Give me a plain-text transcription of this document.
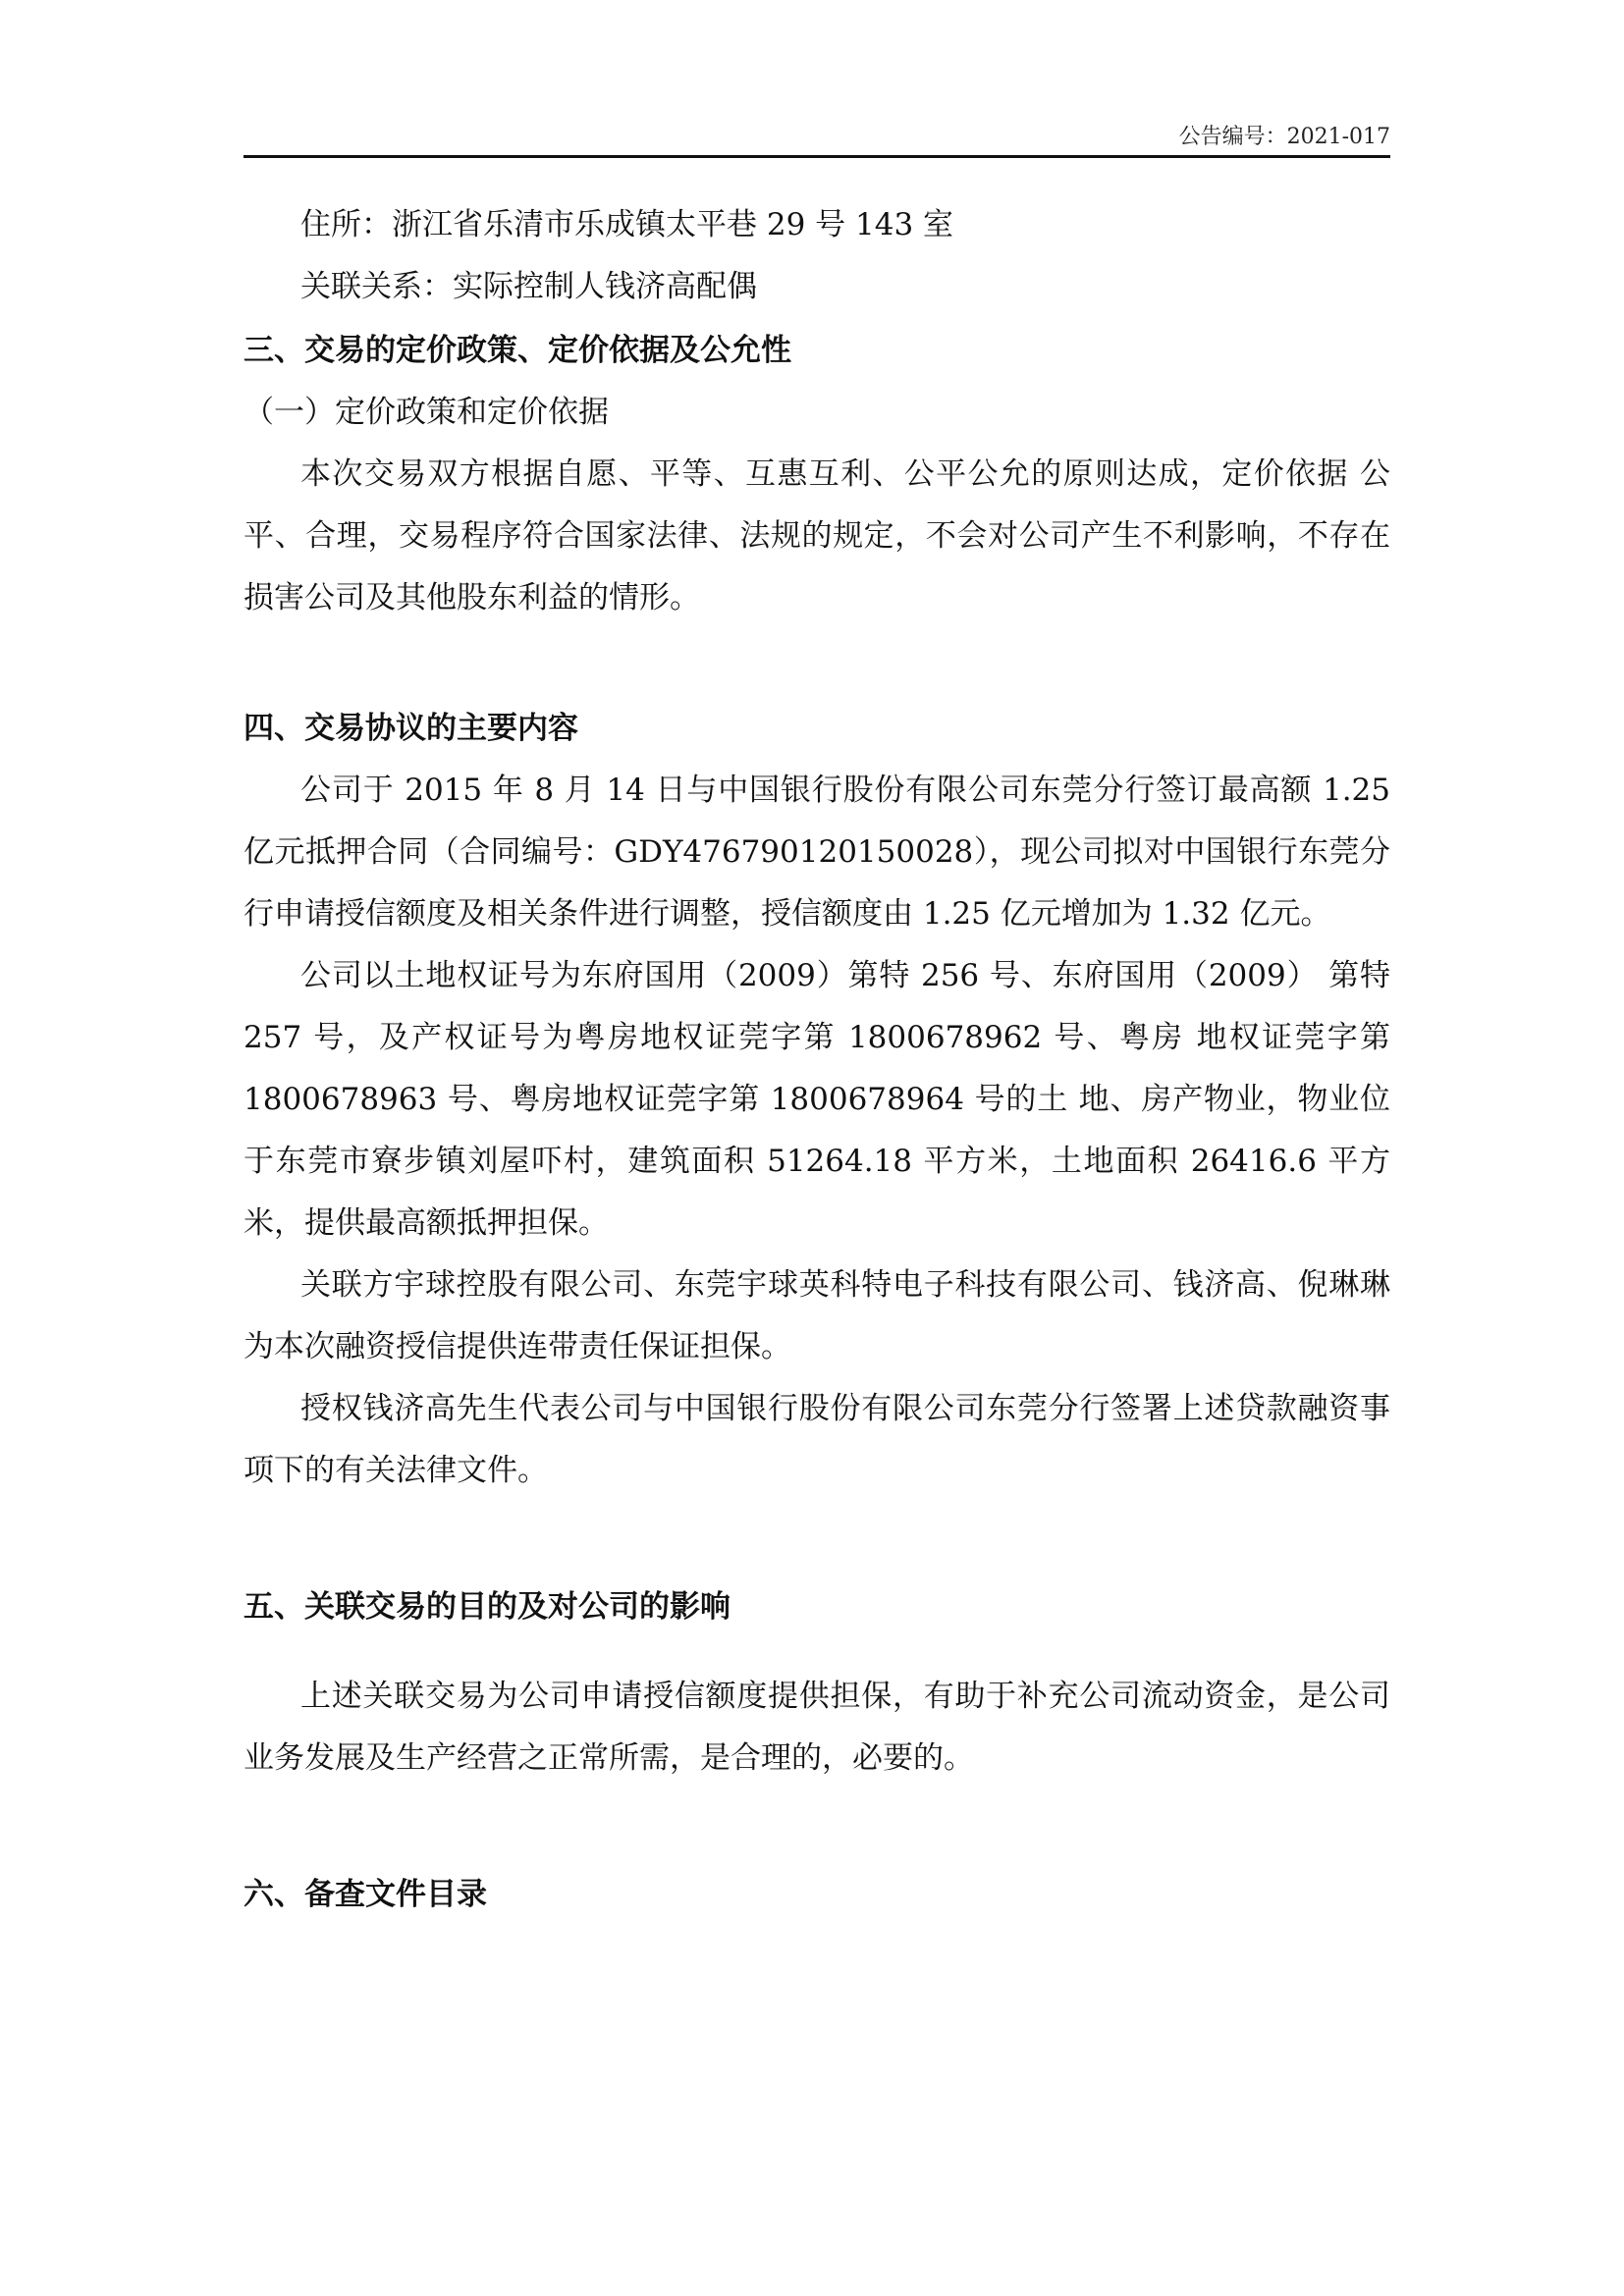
公告编号：2021-017

住所：浙江省乐清市乐成镇太平巷 29 号 143 室

关联关系：实际控制人钱济高配偶

三、交易的定价政策、定价依据及公允性

（一）定价政策和定价依据

本次交易双方根据自愿、平等、互惠互利、公平公允的原则达成，定价依据 公平、合理，交易程序符合国家法律、法规的规定，不会对公司产生不利影响，不存在损害公司及其他股东利益的情形。

四、交易协议的主要内容

公司于 2015 年 8 月 14 日与中国银行股份有限公司东莞分行签订最高额 1.25 亿元抵押合同（合同编号：GDY476790120150028），现公司拟对中国银行东莞分行申请授信额度及相关条件进行调整，授信额度由 1.25 亿元增加为 1.32 亿元。

公司以土地权证号为东府国用（2009）第特 256 号、东府国用（2009） 第特 257 号，及产权证号为粤房地权证莞字第 1800678962 号、粤房 地权证莞字第 1800678963 号、粤房地权证莞字第 1800678964 号的土 地、房产物业，物业位于东莞市寮步镇刘屋吓村，建筑面积 51264.18 平方米，土地面积 26416.6 平方米，提供最高额抵押担保。

关联方宇球控股有限公司、东莞宇球英科特电子科技有限公司、钱济高、倪琳琳为本次融资授信提供连带责任保证担保。

授权钱济高先生代表公司与中国银行股份有限公司东莞分行签署上述贷款融资事项下的有关法律文件。

五、关联交易的目的及对公司的影响

上述关联交易为公司申请授信额度提供担保，有助于补充公司流动资金，是公司业务发展及生产经营之正常所需，是合理的，必要的。

六、备查文件目录
